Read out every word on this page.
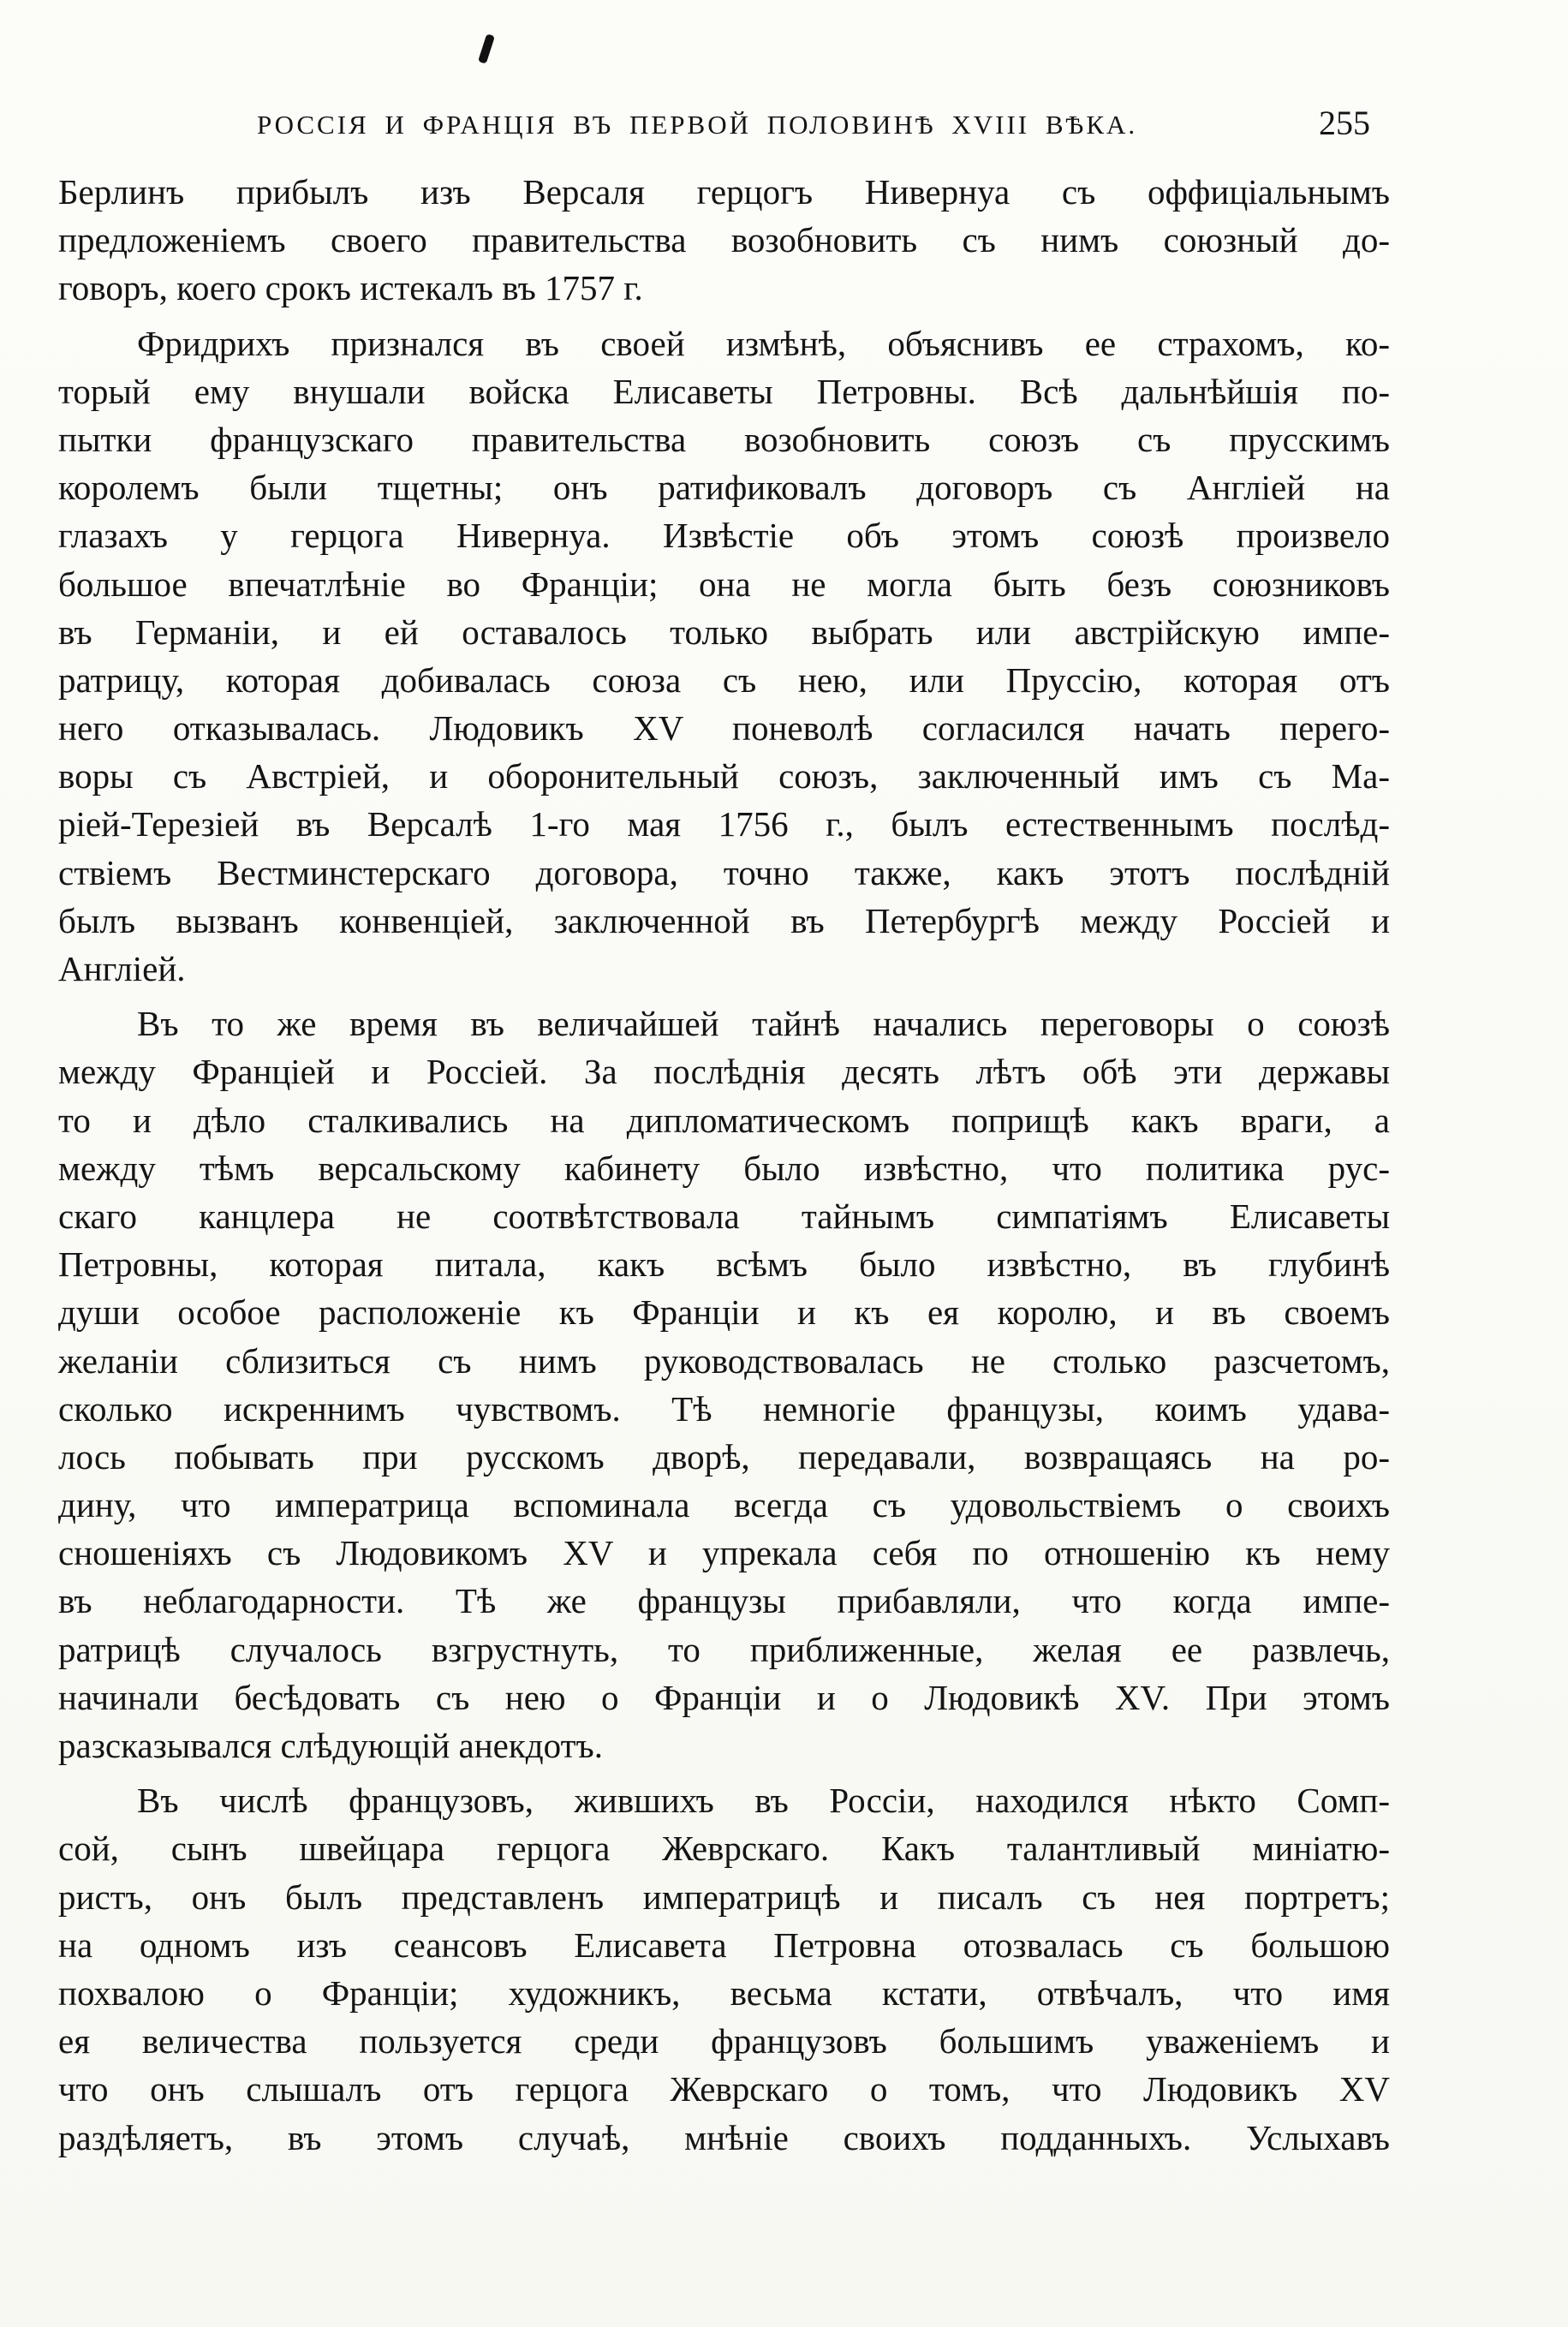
РОССІЯ И ФРАНЦІЯ ВЪ ПЕРВОЙ ПОЛОВИНѢ XVIII ВѢКА.	255
Берлинъ прибылъ изъ Версаля герцогъ Нивернуа съ оффиціальнымъ
предложеніемъ своего правительства возобновить съ нимъ союзный до-
говоръ, коего срокъ истекалъ въ 1757 г.
Фридрихъ признался въ своей измѣнѣ, объяснивъ ее страхомъ, ко-
торый ему внушали войска Елисаветы Петровны. Всѣ дальнѣйшія по-
пытки французскаго правительства возобновить союзъ съ прусскимъ
королемъ были тщетны; онъ ратификовалъ договоръ съ Англіей на
глазахъ у герцога Нивернуа. Извѣстіе объ этомъ союзѣ произвело
большое впечатлѣніе во Франціи; она не могла быть безъ союзниковъ
въ Германіи, и ей оставалось только выбрать или австрійскую импе-
ратрицу, которая добивалась союза съ нею, или Пруссію, которая отъ
него отказывалась. Людовикъ XV поневолѣ согласился начать перего-
воры съ Австріей, и оборонительный союзъ, заключенный имъ съ Ма-
ріей-Терезіей въ Версалѣ 1-го мая 1756 г., былъ естественнымъ послѣд-
ствіемъ Вестминстерскаго договора, точно также, какъ этотъ послѣдній
былъ вызванъ конвенціей, заключенной въ Петербургѣ между Россіей и
Англіей.
Въ то же время въ величайшей тайнѣ начались переговоры о союзѣ
между Франціей и Россіей. За послѣднія десять лѣтъ обѣ эти державы
то и дѣло сталкивались на дипломатическомъ поприщѣ какъ враги, а
между тѣмъ версальскому кабинету было извѣстно, что политика рус-
скаго канцлера не соотвѣтствовала тайнымъ симпатіямъ Елисаветы
Петровны, которая питала, какъ всѣмъ было извѣстно, въ глубинѣ
души особое расположеніе къ Франціи и къ ея королю, и въ своемъ
желаніи сблизиться съ нимъ руководствовалась не столько разсчетомъ,
сколько искреннимъ чувствомъ. Тѣ немногіе французы, коимъ удава-
лось побывать при русскомъ дворѣ, передавали, возвращаясь на ро-
дину, что императрица вспоминала всегда съ удовольствіемъ о своихъ
сношеніяхъ съ Людовикомъ XV и упрекала себя по отношенію къ нему
въ неблагодарности. Тѣ же французы прибавляли, что когда импе-
ратрицѣ случалось взгрустнуть, то приближенные, желая ее развлечь,
начинали бесѣдовать съ нею о Франціи и о Людовикѣ XV. При этомъ
разсказывался слѣдующій анекдотъ.
Въ числѣ французовъ, жившихъ въ Россіи, находился нѣкто Сомп-
сой, сынъ швейцара герцога Жеврскаго. Какъ талантливый миніатю-
ристъ, онъ былъ представленъ императрицѣ и писалъ съ нея портретъ;
на одномъ изъ сеансовъ Елисавета Петровна отозвалась съ большою
похвалою о Франціи; художникъ, весьма кстати, отвѣчалъ, что имя
ея величества пользуется среди французовъ большимъ уваженіемъ и
что онъ слышалъ отъ герцога Жеврскаго о томъ, что Людовикъ XV
раздѣляетъ, въ этомъ случаѣ, мнѣніе своихъ подданныхъ. Услыхавъ
